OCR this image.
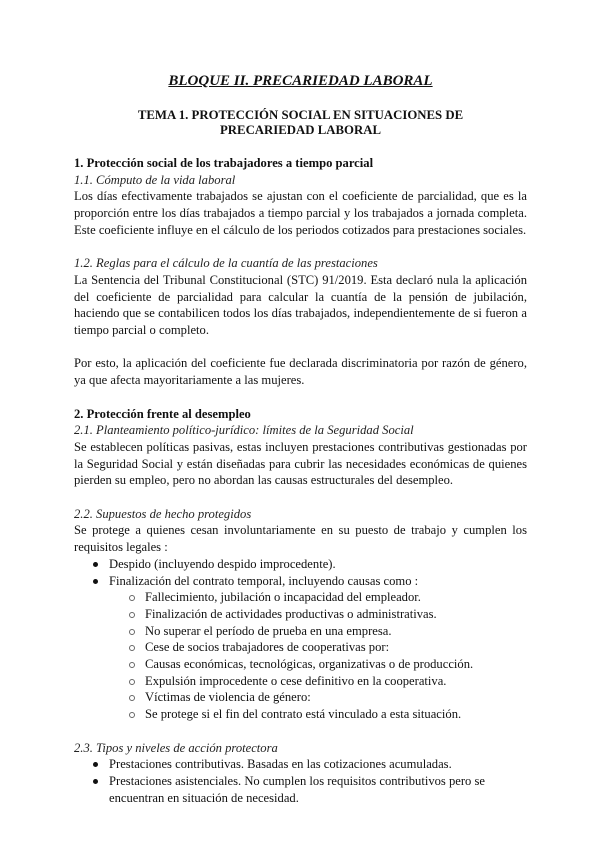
BLOQUE II. PRECARIEDAD LABORAL
TEMA 1. PROTECCIÓN SOCIAL EN SITUACIONES DE PRECARIEDAD LABORAL
1. Protección social de los trabajadores a tiempo parcial
1.1. Cómputo de la vida laboral

Los días efectivamente trabajados se ajustan con el coeficiente de parcialidad, que es la proporción entre los días trabajados a tiempo parcial y los trabajados a jornada completa. Este coeficiente influye en el cálculo de los periodos cotizados para prestaciones sociales.

1.2. Reglas para el cálculo de la cuantía de las prestaciones

La Sentencia del Tribunal Constitucional (STC) 91/2019. Esta declaró nula la aplicación del coeficiente de parcialidad para calcular la cuantía de la pensión de jubilación, haciendo que se contabilicen todos los días trabajados, independientemente de si fueron a tiempo parcial o completo.

Por esto, la aplicación del coeficiente fue declarada discriminatoria por razón de género, ya que afecta mayoritariamente a las mujeres.

2. Protección frente al desempleo
2.1. Planteamiento político-jurídico: límites de la Seguridad Social

Se establecen políticas pasivas, estas incluyen prestaciones contributivas gestionadas por la Seguridad Social y están diseñadas para cubrir las necesidades económicas de quienes pierden su empleo, pero no abordan las causas estructurales del desempleo.

2.2. Supuestos de hecho protegidos

Se protege a quienes cesan involuntariamente en su puesto de trabajo y cumplen los requisitos legales :

Despido (incluyendo despido improcedente).
Finalización del contrato temporal, incluyendo causas como :
Fallecimiento, jubilación o incapacidad del empleador.
Finalización de actividades productivas o administrativas.
No superar el período de prueba en una empresa.
Cese de socios trabajadores de cooperativas por:
Causas económicas, tecnológicas, organizativas o de producción.
Expulsión improcedente o cese definitivo en la cooperativa.
Víctimas de violencia de género:
Se protege si el fin del contrato está vinculado a esta situación.
2.3. Tipos y niveles de acción protectora
Prestaciones contributivas. Basadas en las cotizaciones acumuladas.
Prestaciones asistenciales. No cumplen los requisitos contributivos pero se encuentran en situación de necesidad.
